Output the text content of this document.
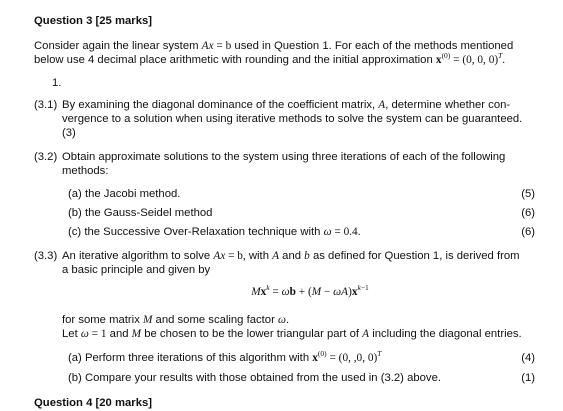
Question 3 [25 marks]
Consider again the linear system Ax = b used in Question 1. For each of the methods mentioned
below use 4 decimal place arithmetic with rounding and the initial approximation $x^{(0)} = (0$, 0, 0)$^T$.
1.
(3.1) By examining the diagonal dominance of the coefficient matrix, A, determine whether con-
vergence to a solution when using iterative methods to solve the system can be guaranteed.
(3)
(3.2) Obtain approximate solutions to the system using three iterations of each of the following
methods:
(a) the Jacobi method.	(5)
(b) the Gauss-Seidel method	(6)
(c) the Successive Over-Relaxation technique with ω = 0.4.	(6)
(3.3) An iterative algorithm to solve Ax = b, with A and b as defined for Question 1, is derived from
a basic principle and given by
$Mx^k = \omega b + (M - \omega A)x^{k-1}$
for some matrix M and some scaling factor ω.
Let ω = 1 and M be chosen to be the lower triangular part of A including the diagonal entries.
(a) Perform three iterations of this algorithm with $x^{(0)} = (0$, ,0, 0)$^T$	(4)
(b) Compare your results with those obtained from the used in (3.2) above.	(1)
Question 4 [20 marks]
